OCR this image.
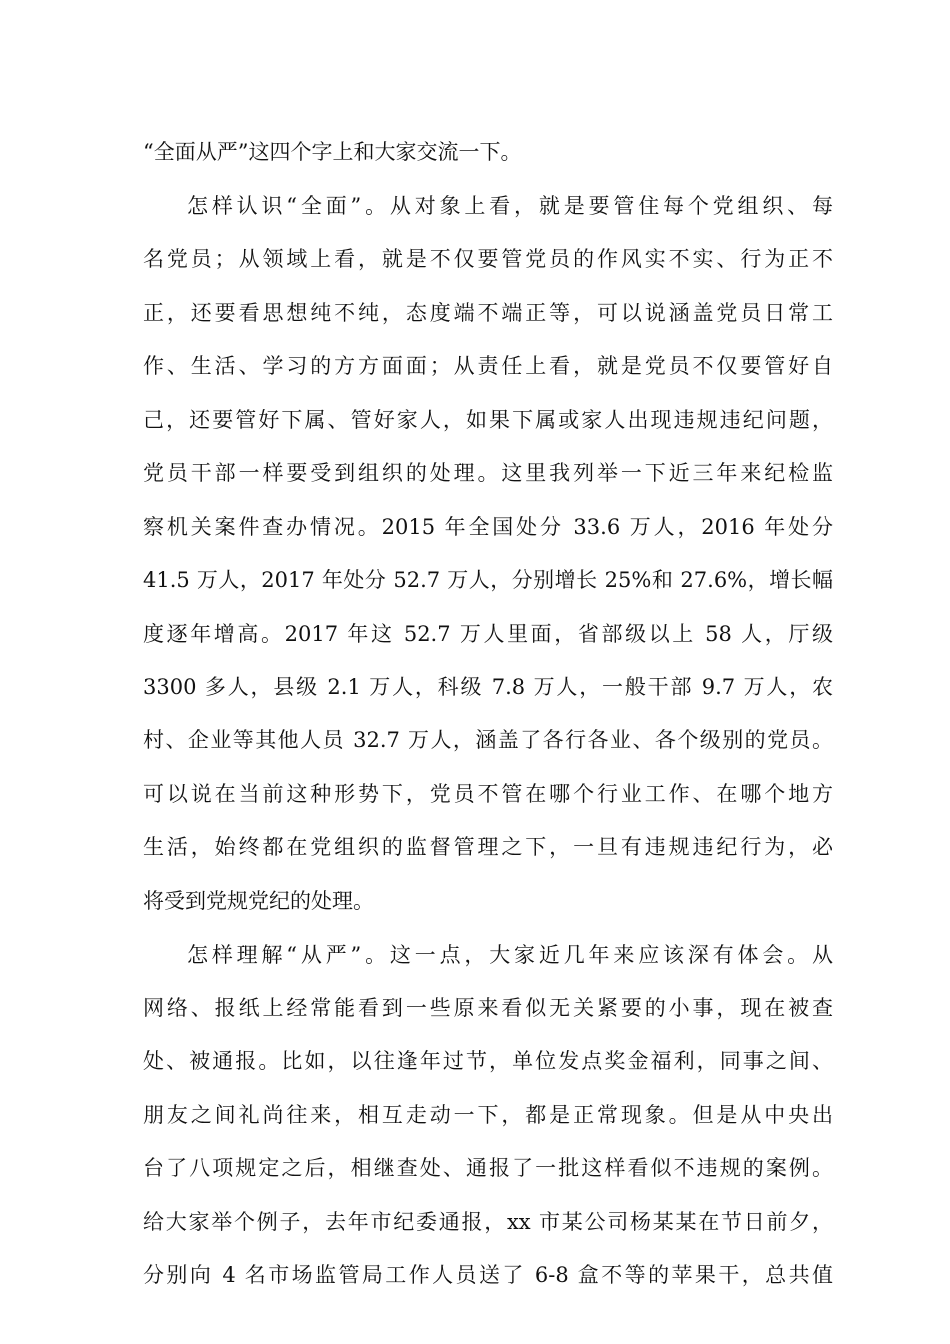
“全面从严”这四个字上和大家交流一下。
怎样认识“全面”。从对象上看，就是要管住每个党组织、每
名党员；从领域上看，就是不仅要管党员的作风实不实、行为正不
正，还要看思想纯不纯，态度端不端正等，可以说涵盖党员日常工
作、生活、学习的方方面面；从责任上看，就是党员不仅要管好自
己，还要管好下属、管好家人，如果下属或家人出现违规违纪问题，
党员干部一样要受到组织的处理。这里我列举一下近三年来纪检监
察机关案件查办情况。2015 年全国处分 33.6 万人，2016 年处分
41.5 万人，2017 年处分 52.7 万人，分别增长 25%和 27.6%，增长幅
度逐年增高。2017 年这 52.7 万人里面，省部级以上 58 人，厅级
3300 多人，县级 2.1 万人，科级 7.8 万人，一般干部 9.7 万人，农
村、企业等其他人员 32.7 万人，涵盖了各行各业、各个级别的党员。
可以说在当前这种形势下，党员不管在哪个行业工作、在哪个地方
生活，始终都在党组织的监督管理之下，一旦有违规违纪行为，必
将受到党规党纪的处理。
怎样理解“从严”。这一点，大家近几年来应该深有体会。从
网络、报纸上经常能看到一些原来看似无关紧要的小事，现在被查
处、被通报。比如，以往逢年过节，单位发点奖金福利，同事之间、
朋友之间礼尚往来，相互走动一下，都是正常现象。但是从中央出
台了八项规定之后，相继查处、通报了一批这样看似不违规的案例。
给大家举个例子，去年市纪委通报，xx 市某公司杨某某在节日前夕，
分别向 4 名市场监管局工作人员送了 6-8 盒不等的苹果干，总共值
